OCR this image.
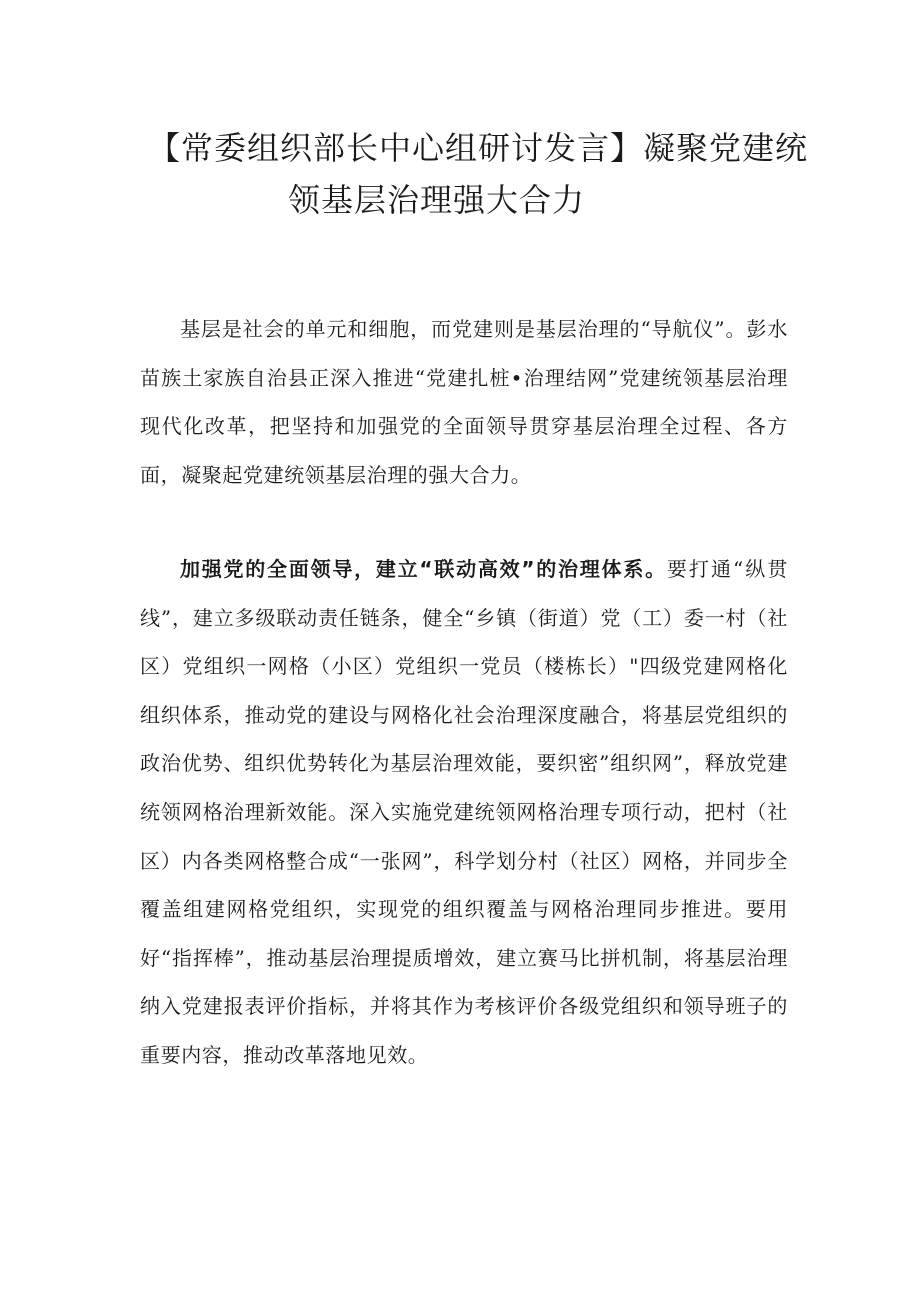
【常委组织部长中心组研讨发言】凝聚党建统
领基层治理强大合力

基层是社会的单元和细胞，而党建则是基层治理的“导航仪”。彭水苗族土家族自治县正深入推进“党建扎桩•治理结网”党建统领基层治理现代化改革，把坚持和加强党的全面领导贯穿基层治理全过程、各方面，凝聚起党建统领基层治理的强大合力。

加强党的全面领导，建立“联动高效”的治理体系。要打通“纵贯线”，建立多级联动责任链条，健全“乡镇（街道）党（工）委一村（社区）党组织一网格（小区）党组织一党员（楼栋长）"四级党建网格化组织体系，推动党的建设与网格化社会治理深度融合，将基层党组织的政治优势、组织优势转化为基层治理效能，要织密”组织网”，释放党建统领网格治理新效能。深入实施党建统领网格治理专项行动，把村（社区）内各类网格整合成“一张网”，科学划分村（社区）网格，并同步全覆盖组建网格党组织，实现党的组织覆盖与网格治理同步推进。要用好“指挥棒”，推动基层治理提质增效，建立赛马比拼机制，将基层治理纳入党建报表评价指标，并将其作为考核评价各级党组织和领导班子的重要内容，推动改革落地见效。
